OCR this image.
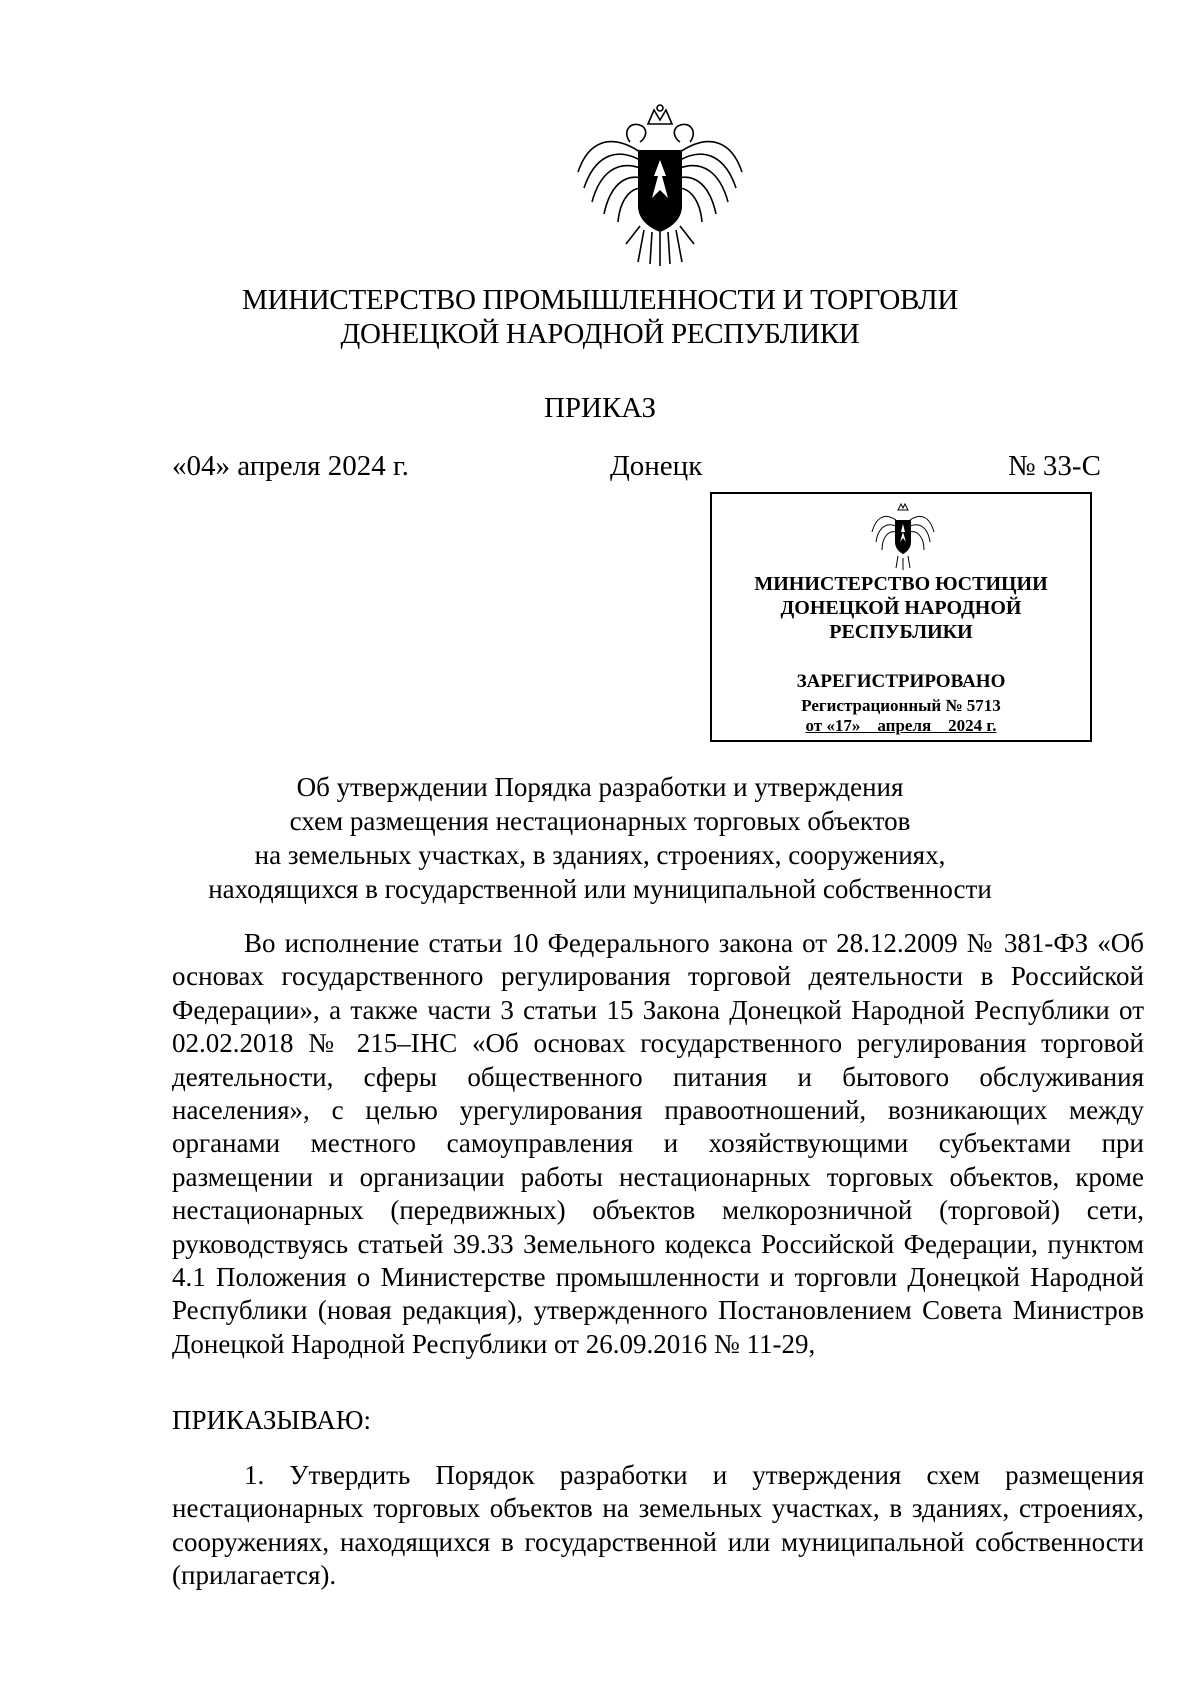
МИНИСТЕРСТВО ПРОМЫШЛЕННОСТИ И ТОРГОВЛИ
ДОНЕЦКОЙ НАРОДНОЙ РЕСПУБЛИКИ
ПРИКАЗ
«04» апреля 2024 г.	Донецк	№ 33-С
МИНИСТЕРСТВО ЮСТИЦИИ
ДОНЕЦКОЙ НАРОДНОЙ
РЕСПУБЛИКИ
ЗАРЕГИСТРИРОВАНО
Регистрационный № 5713
от «17»    апреля    2024 г.
Об утверждении Порядка разработки и утверждения
схем размещения нестационарных торговых объектов
на земельных участках, в зданиях, строениях, сооружениях,
находящихся в государственной или муниципальной собственности

Во исполнение статьи 10 Федерального закона от 28.12.2009 № 381-ФЗ «Об основах государственного регулирования торговой деятельности в Российской Федерации», а также части 3 статьи 15 Закона Донецкой Народной Республики от 02.02.2018 № 215–IНС «Об основах государственного регулирования торговой деятельности, сферы общественного питания и бытового обслуживания населения», с целью урегулирования правоотношений, возникающих между органами местного самоуправления и хозяйствующими субъектами при размещении и организации работы нестационарных торговых объектов, кроме нестационарных (передвижных) объектов мелкорозничной (торговой) сети, руководствуясь статьей 39.33 Земельного кодекса Российской Федерации, пунктом 4.1 Положения о Министерстве промышленности и торговли Донецкой Народной Республики (новая редакция), утвержденного Постановлением Совета Министров Донецкой Народной Республики от 26.09.2016 № 11-29,

ПРИКАЗЫВАЮ:

1. Утвердить Порядок разработки и утверждения схем размещения нестационарных торговых объектов на земельных участках, в зданиях, строениях, сооружениях, находящихся в государственной или муниципальной собственности (прилагается).
